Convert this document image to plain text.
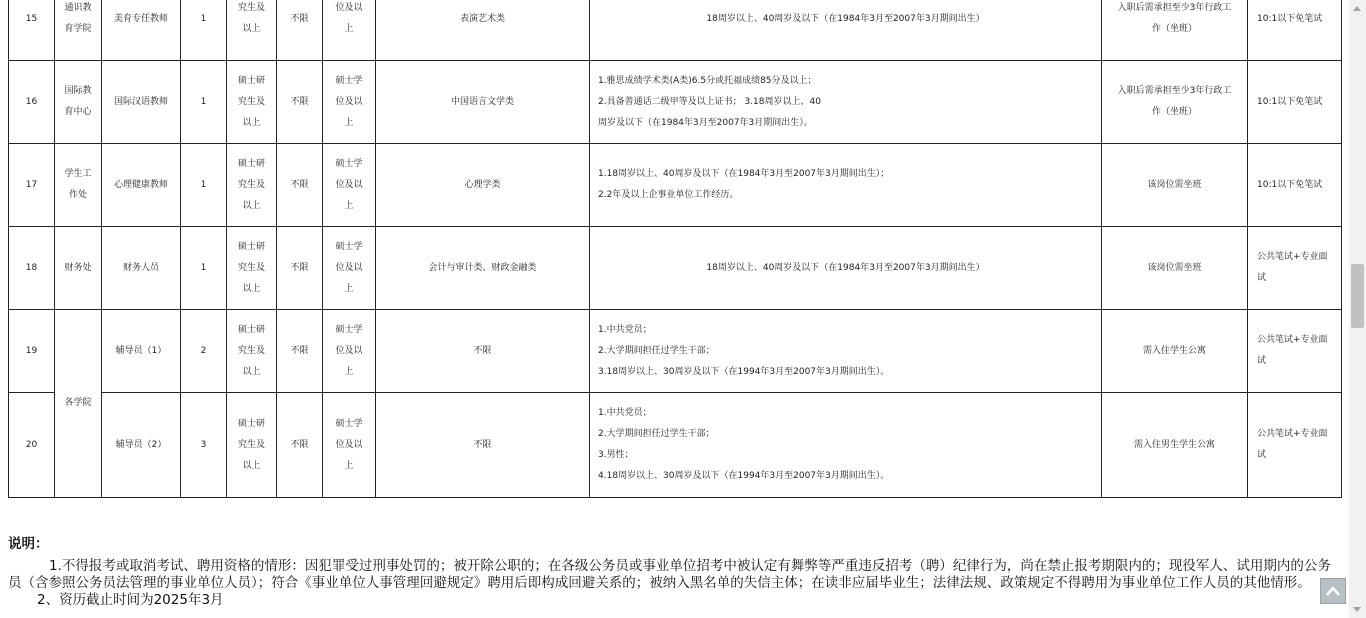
15	通识教
育学院	美育专任教师	1	究生及
以上	不限	位及以
上	表演艺术类	18周岁以上、40周岁及以下（在1984年3月至2007年3月期间出生）	入职后需承担至少3年行政工
作（坐班）	10:1以下免笔试

16	国际教
育中心	国际汉语教师	1	硕士研
究生及
以上	不限	硕士学
位及以
上	中国语言文学类	1.雅思成绩学术类(A类)6.5分或托福成绩85分及以上；
2.具备普通话二级甲等及以上证书； 3.18周岁以上、40
周岁及以下（在1984年3月至2007年3月期间出生）。	入职后需承担至少3年行政工
作（坐班）	10:1以下免笔试

17	学生工
作处	心理健康教师	1	硕士研
究生及
以上	不限	硕士学
位及以
上	心理学类	1.18周岁以上、40周岁及以下（在1984年3月至2007年3月期间出生）；
2.2年及以上企事业单位工作经历。	该岗位需坐班	10:1以下免笔试

18	财务处	财务人员	1	硕士研
究生及
以上	不限	硕士学
位及以
上	会计与审计类、财政金融类	18周岁以上、40周岁及以下（在1984年3月至2007年3月期间出生）	该岗位需坐班	公共笔试+专业面
试

19	各学院	辅导员（1）	2	硕士研
究生及
以上	不限	硕士学
位及以
上	不限	1.中共党员；
2.大学期间担任过学生干部；
3.18周岁以上、30周岁及以下（在1994年3月至2007年3月期间出生）。	需入住学生公寓	公共笔试+专业面
试

20		辅导员（2）	3	硕士研
究生及
以上	不限	硕士学
位及以
上	不限	1.中共党员；
2.大学期间担任过学生干部；
3.男性；
4.18周岁以上、30周岁及以下（在1994年3月至2007年3月期间出生）。	需入住男生学生公寓	公共笔试+专业面
试
说明：
1.不得报考或取消考试、聘用资格的情形：因犯罪受过刑事处罚的；被开除公职的；在各级公务员或事业单位招考中被认定有舞弊等严重违反招考（聘）纪律行为，尚在禁止报考期限内的；现役军人、试用期内的公务员（含参照公务员法管理的事业单位人员）；符合《事业单位人事管理回避规定》聘用后即构成回避关系的；被纳入黑名单的失信主体；在读非应届毕业生；法律法规、政策规定不得聘用为事业单位工作人员的其他情形。
2、资历截止时间为2025年3月
